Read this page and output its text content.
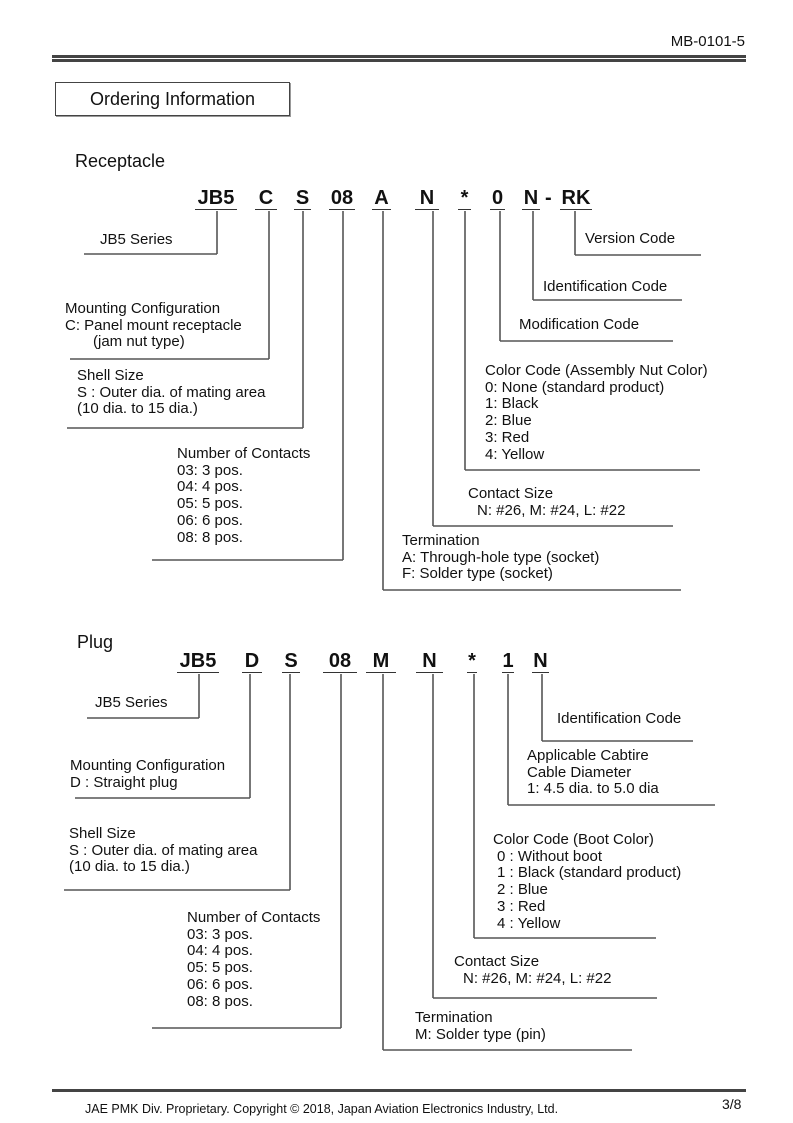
MB-0101-5
Ordering Information
Receptacle
JB5 C S 08 A N * 0 N - RK
JB5 Series
Mounting Configuration
C: Panel mount receptacle
(jam nut type)
Shell Size
S : Outer dia. of mating area
(10 dia. to 15 dia.)
Number of Contacts
03: 3 pos.
04: 4 pos.
05: 5 pos.
06: 6 pos.
08: 8 pos.	Termination
A: Through-hole type (socket)
F: Solder type (socket)
Contact Size
N: #26, M: #24, L: #22
Color Code (Assembly Nut Color)
0: None (standard product)
1: Black
2: Blue
3: Red
4: Yellow
Modification Code
Identification Code
Version Code
Plug
JB5 D S 08	M	N	* 1 N
JB5 Series
Mounting Configuration
D : Straight plug
Shell Size
S : Outer dia. of mating area
(10 dia. to 15 dia.)
Number of Contacts
03: 3 pos.
04: 4 pos.
05: 5 pos.
06: 6 pos.
08: 8 pos.
Termination
M: Solder type (pin)
Contact Size
N: #26, M: #24, L: #22
Color Code (Boot Color)
0 : Without boot
1 : Black (standard product)
2 : Blue
3 : Red
4 : Yellow
Applicable Cabtire
Cable Diameter
1: 4.5 dia. to 5.0 dia
Identification Code
JAE PMK Div. Proprietary. Copyright © 2018, Japan Aviation Electronics Industry, Ltd.	3/8
